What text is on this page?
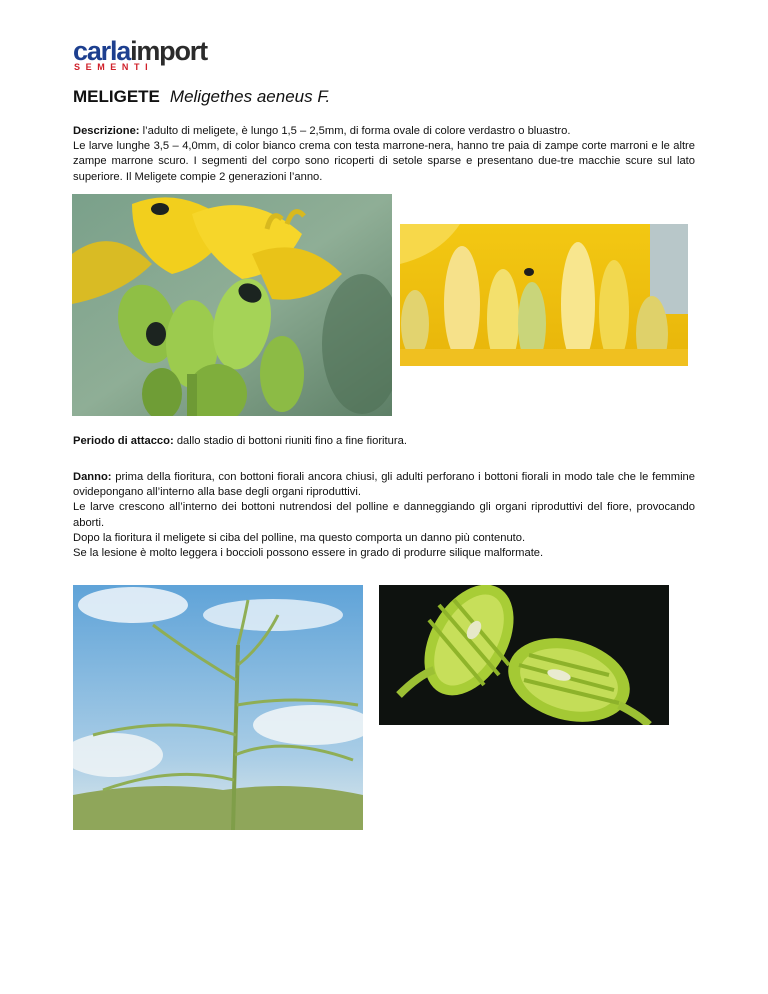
carlaimport
SEMENTI
MELIGETE Meligethes aeneus F.

Descrizione: l’adulto di meligete, è lungo 1,5 – 2,5mm, di forma ovale di colore verdastro o bluastro.
Le larve lunghe 3,5 – 4,0mm, di color bianco crema con testa marrone-nera, hanno tre paia di zampe corte marroni e le altre zampe marrone scuro. I segmenti del corpo sono ricoperti di setole sparse e presentano due-tre macchie scure sul lato superiore. Il Meligete compie 2 generazioni l’anno.

Periodo di attacco: dallo stadio di bottoni riuniti fino a fine fioritura.

Danno: prima della fioritura, con bottoni fiorali ancora chiusi, gli adulti perforano i bottoni fiorali in modo tale che le femmine ovidepongano all’interno alla base degli organi riproduttivi.
Le larve crescono all’interno dei bottoni nutrendosi del polline e danneggiando gli organi riproduttivi del fiore, provocando aborti.
Dopo la fioritura il meligete si ciba del polline, ma questo comporta un danno più contenuto.
Se la lesione è molto leggera i boccioli possono essere in grado di produrre silique malformate.
